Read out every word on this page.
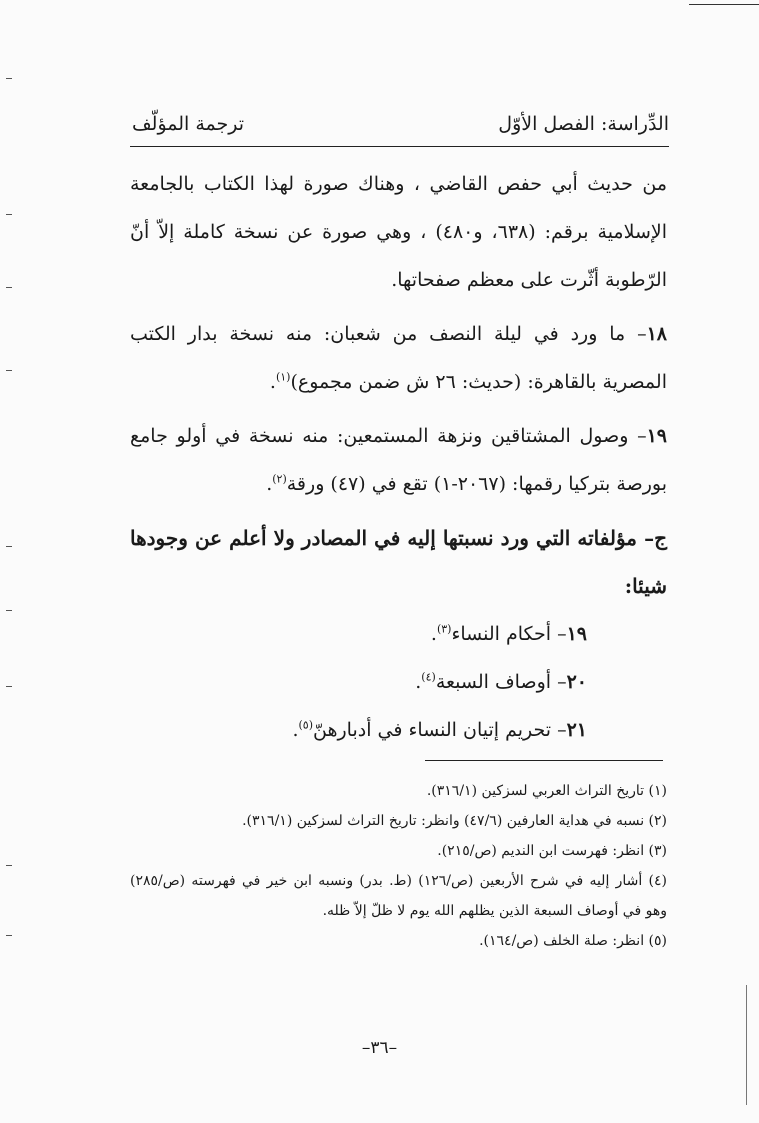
الدِّراسة: الفصل الأوّل
ترجمة المؤلّف

من حديث أبي حفص القاضي ، وهناك صورة لهذا الكتاب بالجامعة الإسلامية برقم: (٦٣٨، و٤٨٠) ، وهي صورة عن نسخة كاملة إلاّ أنّ الرّطوبة أثّرت على معظم صفحاتها.

١٨– ما ورد في ليلة النصف من شعبان: منه نسخة بدار الكتب المصرية بالقاهرة: (حديث: ٢٦ ش ضمن مجموع)$^{(١)}$.

١٩– وصول المشتاقين ونزهة المستمعين: منه نسخة في أولو جامع بورصة بتركيا رقمها: (٢٠٦٧-١) تقع في (٤٧) ورقة$^{(٢)}$.

ج– مؤلفاته التي ورد نسبتها إليه في المصادر ولا أعلم عن وجودها شيئا:

١٩– أحكام النساء$^{(٣)}$.

٢٠– أوصاف السبعة$^{(٤)}$.

٢١– تحريم إتيان النساء في أدبارهنّ$^{(٥)}$.

(١) تاريخ التراث العربي لسزكين (٣١٦/١).

(٢) نسبه في هداية العارفين (٤٧/٦) وانظر: تاريخ التراث لسزكين (٣١٦/١).

(٣) انظر: فهرست ابن النديم (ص/٢١٥).

(٤) أشار إليه في شرح الأربعين (ص/١٢٦) (ط. بدر) ونسبه ابن خير في فهرسته (ص/٢٨٥) وهو في أوصاف السبعة الذين يظلهم الله يوم لا ظلّ إلاّ ظله.

(٥) انظر: صلة الخلف (ص/١٦٤).

–٣٦–
